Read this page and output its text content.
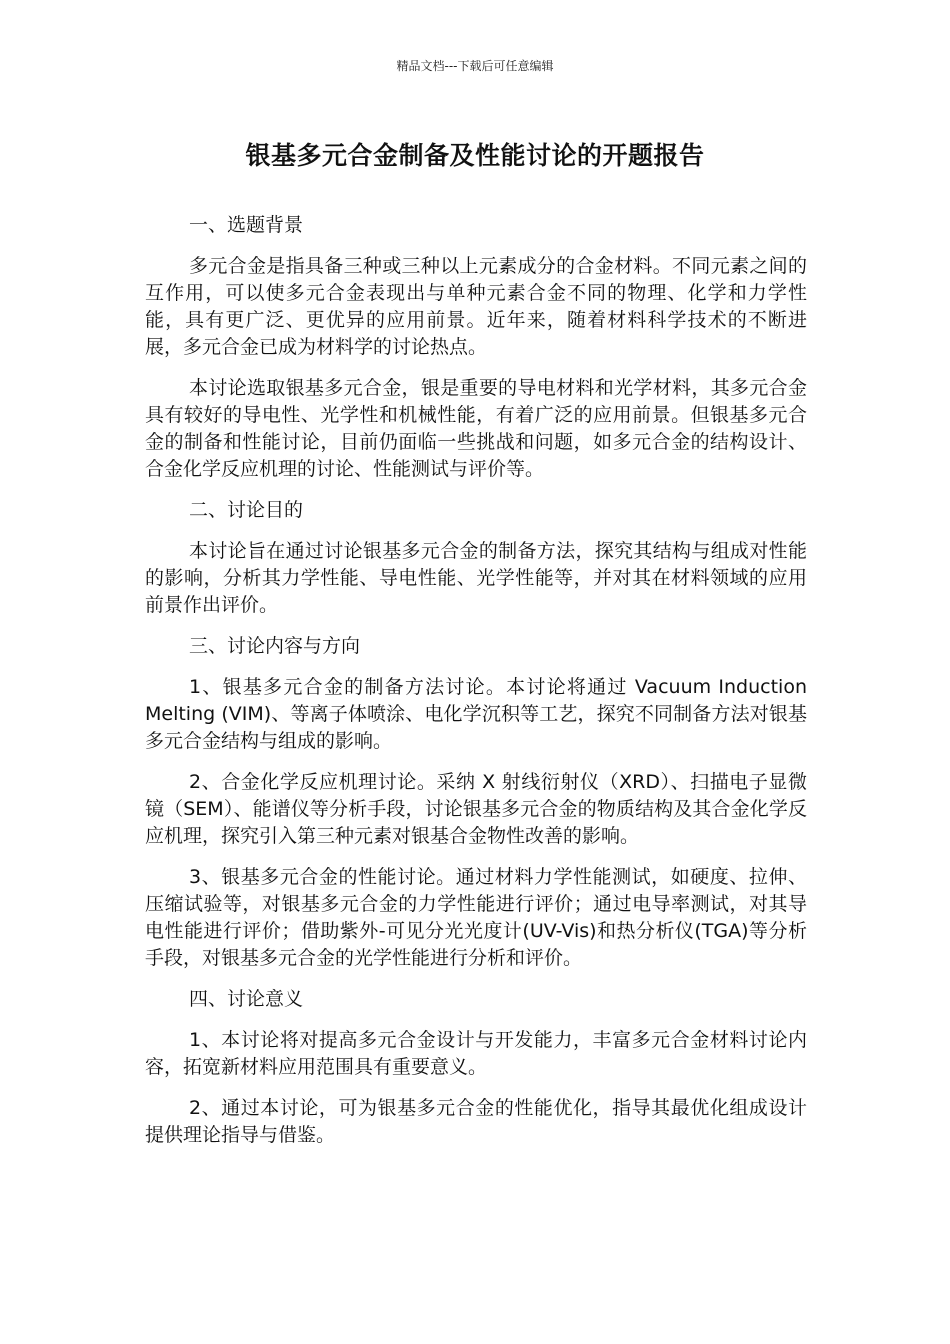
精品文档---下载后可任意编辑
银基多元合金制备及性能讨论的开题报告

一、选题背景

多元合金是指具备三种或三种以上元素成分的合金材料。不同元素之间的互作用，可以使多元合金表现出与单种元素合金不同的物理、化学和力学性能，具有更广泛、更优异的应用前景。近年来，随着材料科学技术的不断进展，多元合金已成为材料学的讨论热点。

本讨论选取银基多元合金，银是重要的导电材料和光学材料，其多元合金具有较好的导电性、光学性和机械性能，有着广泛的应用前景。但银基多元合金的制备和性能讨论，目前仍面临一些挑战和问题，如多元合金的结构设计、合金化学反应机理的讨论、性能测试与评价等。

二、讨论目的

本讨论旨在通过讨论银基多元合金的制备方法，探究其结构与组成对性能的影响，分析其力学性能、导电性能、光学性能等，并对其在材料领域的应用前景作出评价。

三、讨论内容与方向

1、银基多元合金的制备方法讨论。本讨论将通过 Vacuum Induction Melting (VIM)、等离子体喷涂、电化学沉积等工艺，探究不同制备方法对银基多元合金结构与组成的影响。

2、合金化学反应机理讨论。采纳 X 射线衍射仪（XRD）、扫描电子显微镜（SEM）、能谱仪等分析手段，讨论银基多元合金的物质结构及其合金化学反应机理，探究引入第三种元素对银基合金物性改善的影响。

3、银基多元合金的性能讨论。通过材料力学性能测试，如硬度、拉伸、压缩试验等，对银基多元合金的力学性能进行评价；通过电导率测试，对其导电性能进行评价；借助紫外-可见分光光度计(UV-Vis)和热分析仪(TGA)等分析手段，对银基多元合金的光学性能进行分析和评价。

四、讨论意义

1、本讨论将对提高多元合金设计与开发能力，丰富多元合金材料讨论内容，拓宽新材料应用范围具有重要意义。

2、通过本讨论，可为银基多元合金的性能优化，指导其最优化组成设计提供理论指导与借鉴。
